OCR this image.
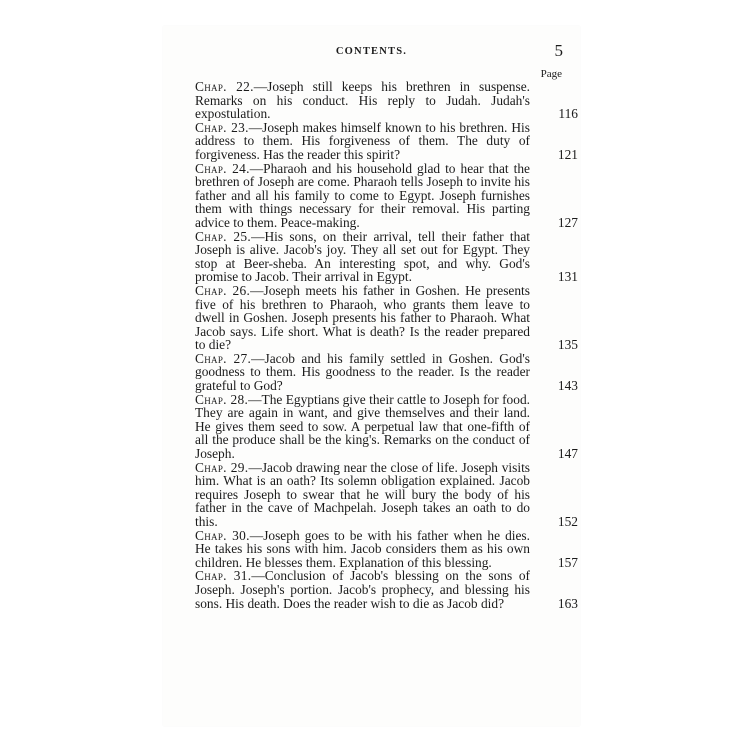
CONTENTS.	5
Page
Chap. 22.—Joseph still keeps his brethren in suspense. Remarks on his conduct. His reply to Judah. Judah's expostulation.	116
Chap. 23.—Joseph makes himself known to his brethren. His address to them. His forgiveness of them. The duty of forgiveness. Has the reader this spirit?	121
Chap. 24.—Pharaoh and his household glad to hear that the brethren of Joseph are come. Pharaoh tells Joseph to invite his father and all his family to come to Egypt. Joseph furnishes them with things necessary for their removal. His parting advice to them. Peace-making.	127
Chap. 25.—His sons, on their arrival, tell their father that Joseph is alive. Jacob's joy. They all set out for Egypt. They stop at Beer-sheba. An interesting spot, and why. God's promise to Jacob. Their arrival in Egypt.	131
Chap. 26.—Joseph meets his father in Goshen. He presents five of his brethren to Pharaoh, who grants them leave to dwell in Goshen. Joseph presents his father to Pharaoh. What Jacob says. Life short. What is death? Is the reader prepared to die?	135
Chap. 27.—Jacob and his family settled in Goshen. God's goodness to them. His goodness to the reader. Is the reader grateful to God?	143
Chap. 28.—The Egyptians give their cattle to Joseph for food. They are again in want, and give themselves and their land. He gives them seed to sow. A perpetual law that one-fifth of all the produce shall be the king's. Remarks on the conduct of Joseph.	147
Chap. 29.—Jacob drawing near the close of life. Joseph visits him. What is an oath? Its solemn obligation explained. Jacob requires Joseph to swear that he will bury the body of his father in the cave of Machpelah. Joseph takes an oath to do this.	152
Chap. 30.—Joseph goes to be with his father when he dies. He takes his sons with him. Jacob considers them as his own children. He blesses them. Explanation of this blessing.	157
Chap. 31.—Conclusion of Jacob's blessing on the sons of Joseph. Joseph's portion. Jacob's prophecy, and blessing his sons. His death. Does the reader wish to die as Jacob did?	163
